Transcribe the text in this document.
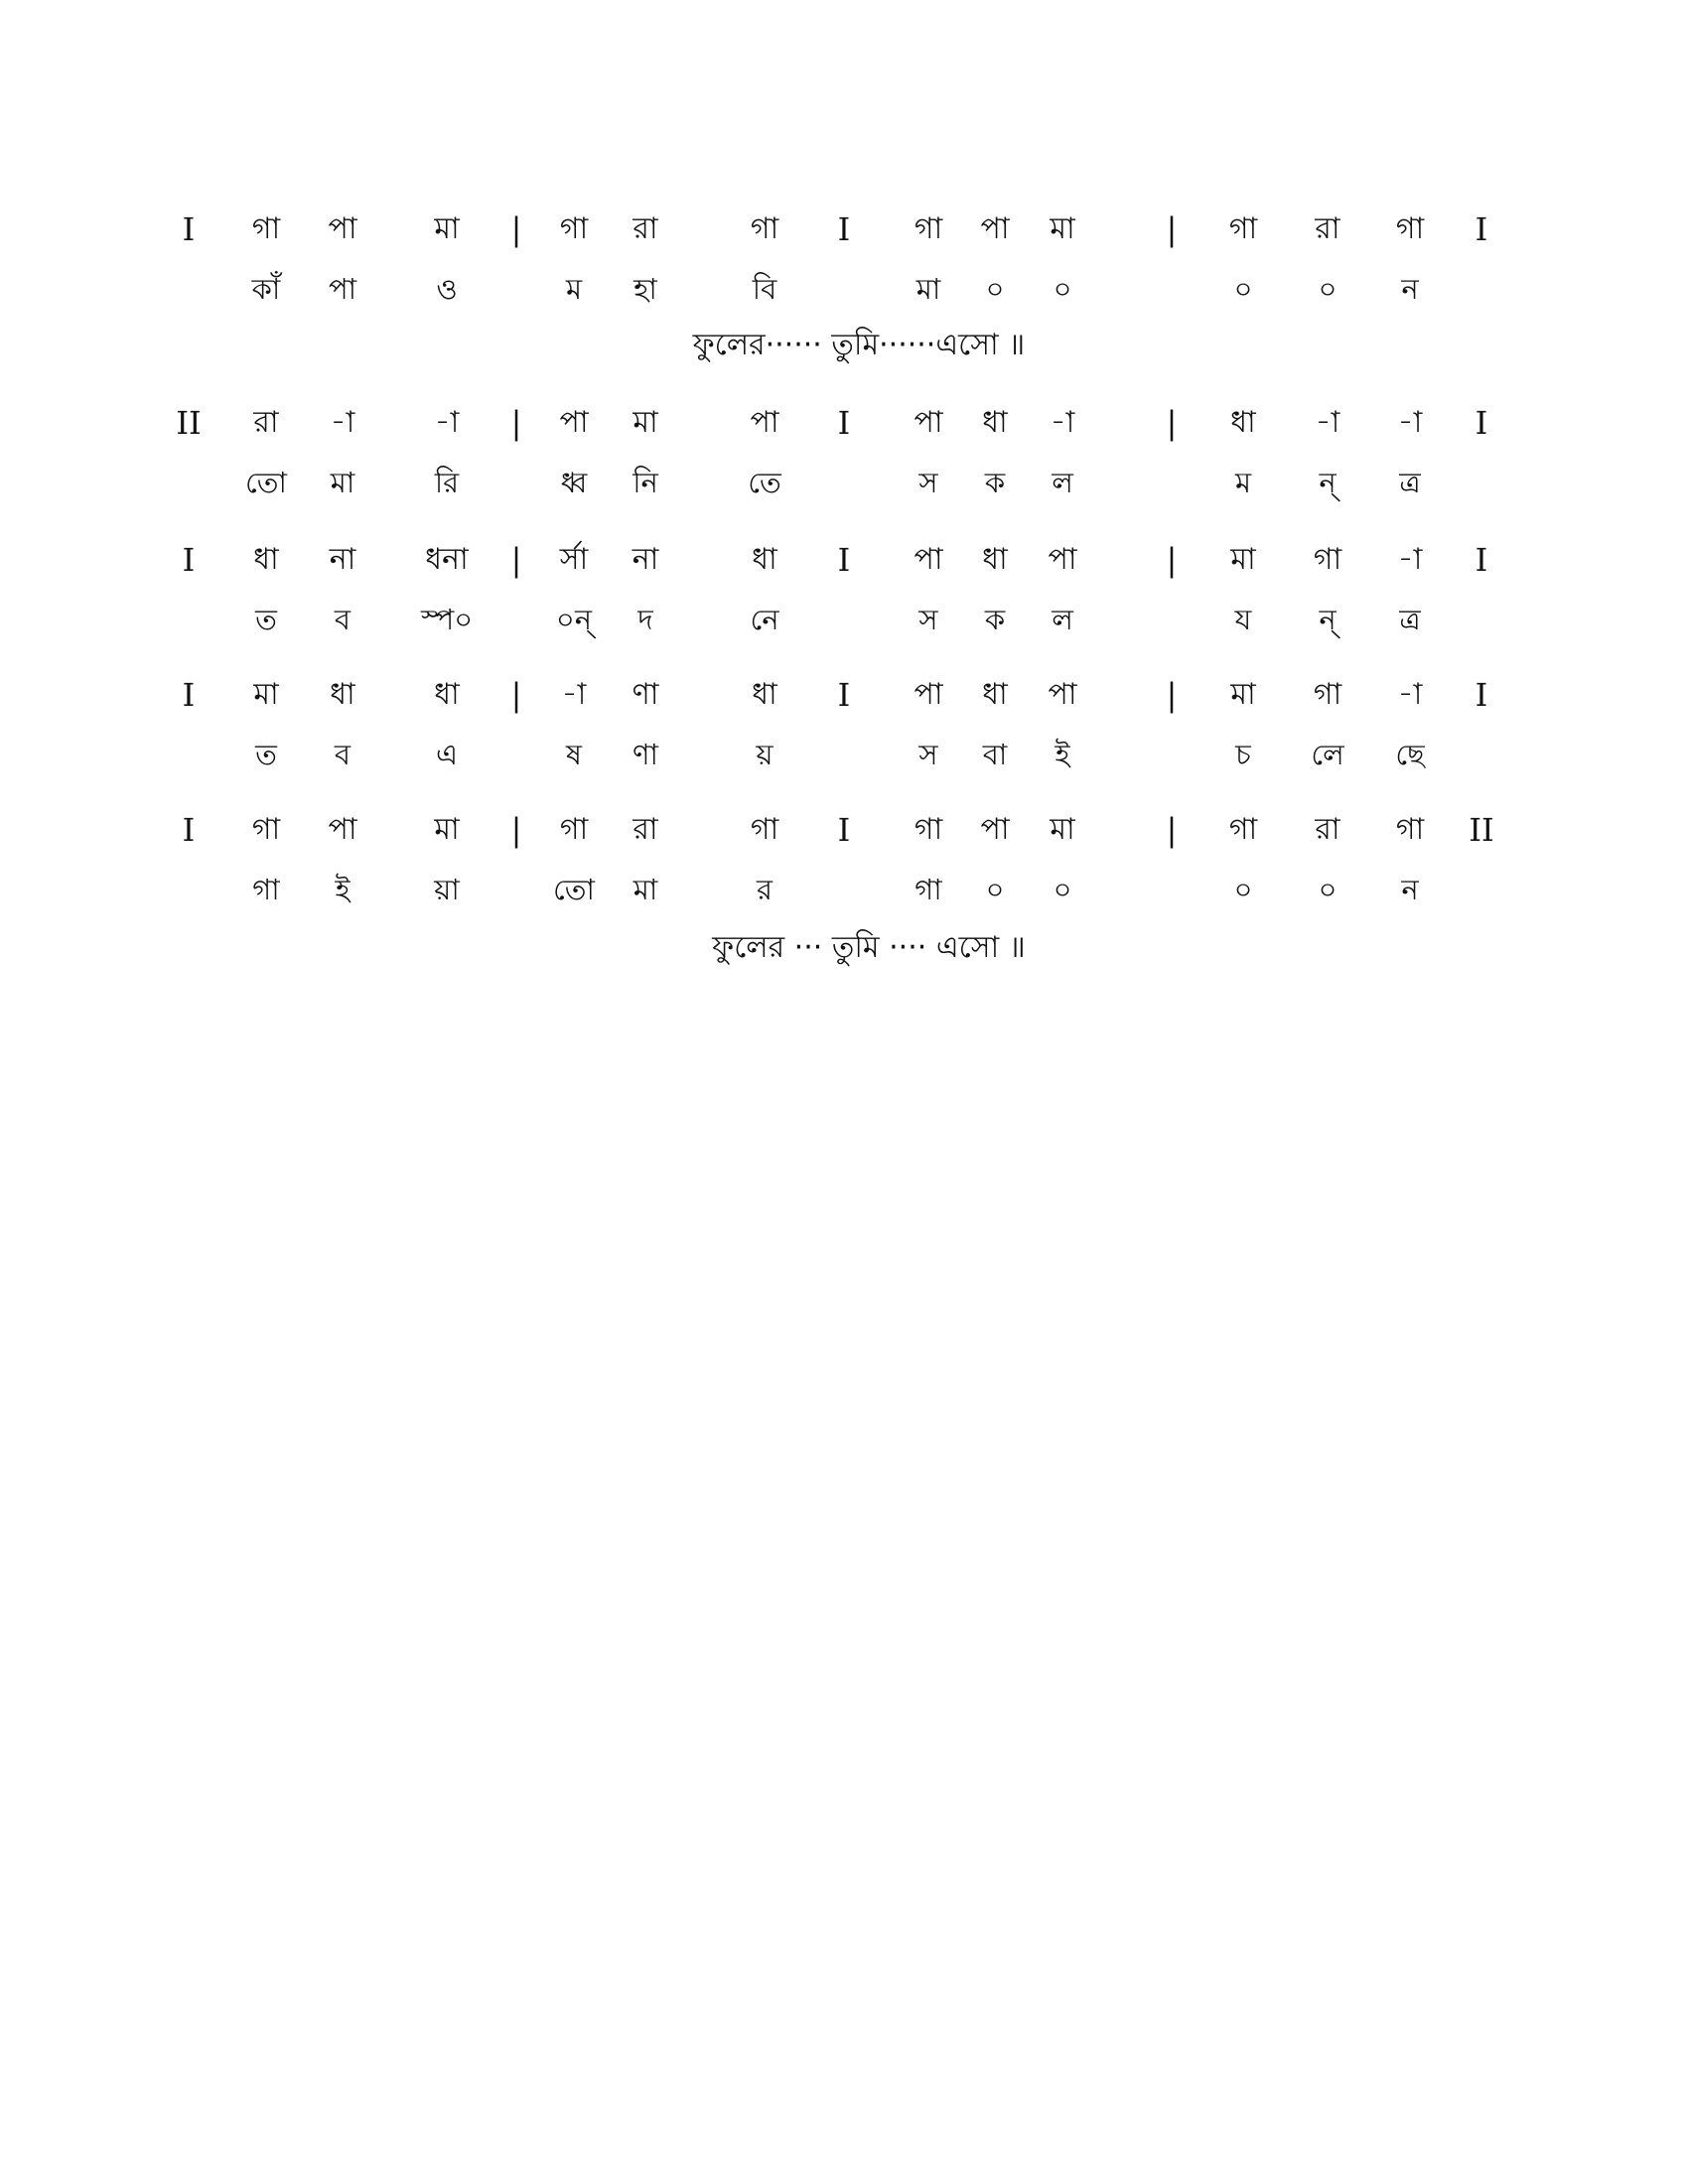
I	গা	পা	মা	|	গা	রা	গা	I	গা	পা	মা	|	গা	রা	গা	I
কাঁ	পা	ও	ম	হা	বি	মা	০	০	০	০	ন
ফুলের······ তুমি······এসো ॥
II	রা	-া	-া	|	পা	মা	পা	I	পা	ধা	-া	|	ধা	-া	-া	I
তো	মা	রি	ধ্ব	নি	তে	স	ক	ল	ম	ন্	ত্র
I	ধা	না	ধনা	|	র্সা	না	ধা	I	পা	ধা	পা	|	মা	গা	-া	I
ত	ব	স্প০	০ন্	দ	নে	স	ক	ল	য	ন্	ত্র
I	মা	ধা	ধা	|	-া	ণা	ধা	I	পা	ধা	পা	|	মা	গা	-া	I
ত	ব	এ	ষ	ণা	য়	স	বা	ই	চ	লে	ছে
I	গা	পা	মা	|	গা	রা	গা	I	গা	পা	মা	|	গা	রা	গা	II
গা	ই	য়া	তো	মা	র	গা	০	০	০	০	ন
ফুলের ··· তুমি ···· এসো ॥
